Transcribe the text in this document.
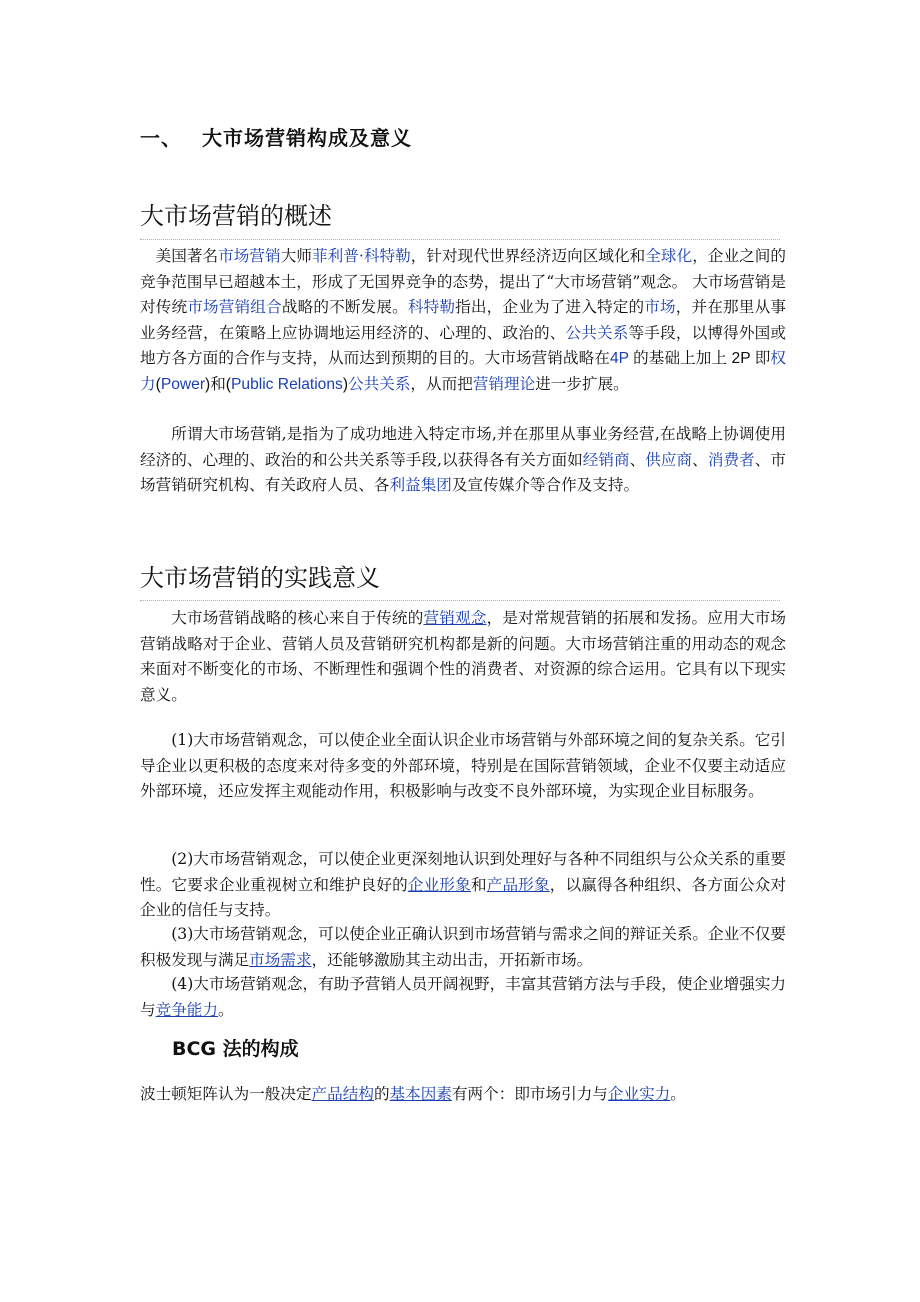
一、 大市场营销构成及意义
大市场营销的概述

美国著名市场营销大师菲利普·科特勒，针对现代世界经济迈向区域化和全球化，企业之间的竞争范围早已超越本土，形成了无国界竞争的态势，提出了“大市场营销”观念。 大市场营销是对传统市场营销组合战略的不断发展。科特勒指出，企业为了进入特定的市场，并在那里从事业务经营，在策略上应协调地运用经济的、心理的、政治的、公共关系等手段，以博得外国或地方各方面的合作与支持，从而达到预期的目的。大市场营销战略在4P 的基础上加上 2P 即权力(Power)和(Public Relations)公共关系，从而把营销理论进一步扩展。

所谓大市场营销,是指为了成功地进入特定市场,并在那里从事业务经营,在战略上协调使用经济的、心理的、政治的和公共关系等手段,以获得各有关方面如经销商、供应商、消费者、市场营销研究机构、有关政府人员、各利益集团及宣传媒介等合作及支持。

大市场营销的实践意义

大市场营销战略的核心来自于传统的营销观念，是对常规营销的拓展和发扬。应用大市场营销战略对于企业、营销人员及营销研究机构都是新的问题。大市场营销注重的用动态的观念来面对不断变化的市场、不断理性和强调个性的消费者、对资源的综合运用。它具有以下现实意义。

(1)大市场营销观念，可以使企业全面认识企业市场营销与外部环境之间的复杂关系。它引导企业以更积极的态度来对待多变的外部环境，特别是在国际营销领域，企业不仅要主动适应外部环境，还应发挥主观能动作用，积极影响与改变不良外部环境，为实现企业目标服务。

(2)大市场营销观念，可以使企业更深刻地认识到处理好与各种不同组织与公众关系的重要性。它要求企业重视树立和维护良好的企业形象和产品形象，以赢得各种组织、各方面公众对企业的信任与支持。

(3)大市场营销观念，可以使企业正确认识到市场营销与需求之间的辩证关系。企业不仅要积极发现与满足市场需求，还能够激励其主动出击，开拓新市场。

(4)大市场营销观念，有助予营销人员开阔视野，丰富其营销方法与手段，使企业增强实力与竞争能力。

BCG 法的构成

波士顿矩阵认为一般决定产品结构的基本因素有两个：即市场引力与企业实力。
